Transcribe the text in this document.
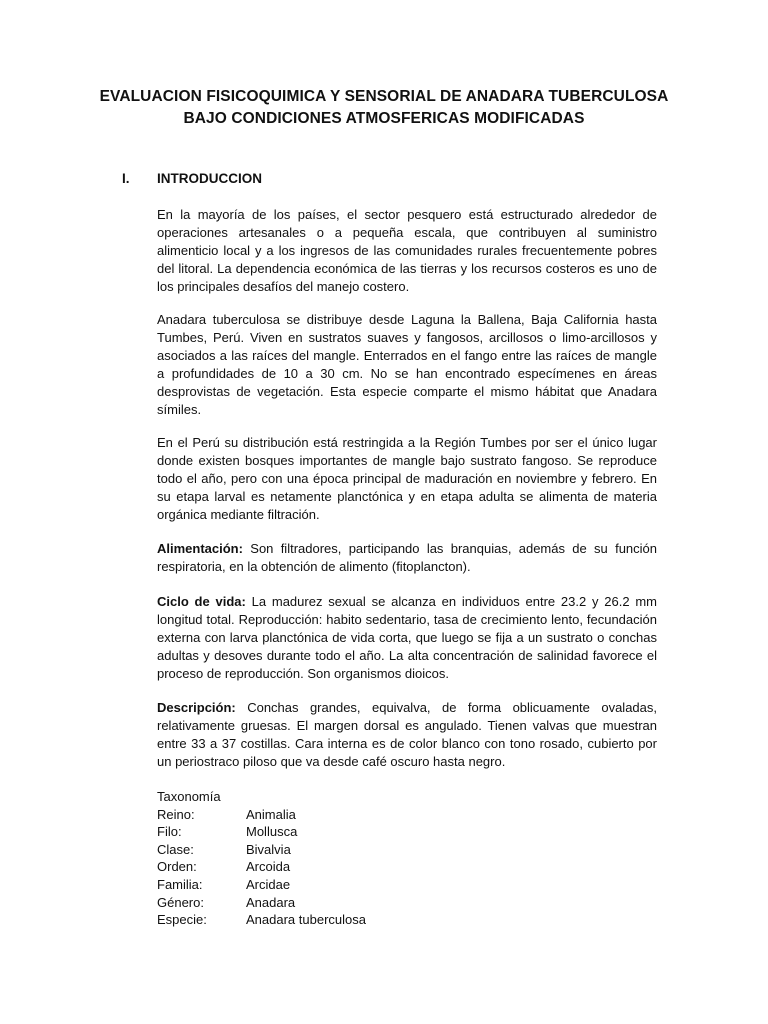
EVALUACION FISICOQUIMICA Y SENSORIAL DE ANADARA TUBERCULOSA
BAJO CONDICIONES ATMOSFERICAS MODIFICADAS
I. INTRODUCCION

En la mayoría de los países, el sector pesquero está estructurado alrededor de operaciones artesanales o a pequeña escala, que contribuyen al suministro alimenticio local y a los ingresos de las comunidades rurales frecuentemente pobres del litoral. La dependencia económica de las tierras y los recursos costeros es uno de los principales desafíos del manejo costero.

Anadara tuberculosa se distribuye desde Laguna la Ballena, Baja California hasta Tumbes, Perú. Viven en sustratos suaves y fangosos, arcillosos o limo-arcillosos y asociados a las raíces del mangle. Enterrados en el fango entre las raíces de mangle a profundidades de 10 a 30 cm. No se han encontrado especímenes en áreas desprovistas de vegetación. Esta especie comparte el mismo hábitat que Anadara símiles.

En el Perú su distribución está restringida a la Región Tumbes por ser el único lugar donde existen bosques importantes de mangle bajo sustrato fangoso. Se reproduce todo el año, pero con una época principal de maduración en noviembre y febrero. En su etapa larval es netamente planctónica y en etapa adulta se alimenta de materia orgánica mediante filtración.

Alimentación: Son filtradores, participando las branquias, además de su función respiratoria, en la obtención de alimento (fitoplancton).

Ciclo de vida: La madurez sexual se alcanza en individuos entre 23.2 y 26.2 mm longitud total. Reproducción: habito sedentario, tasa de crecimiento lento, fecundación externa con larva planctónica de vida corta, que luego se fija a un sustrato o conchas adultas y desoves durante todo el año. La alta concentración de salinidad favorece el proceso de reproducción. Son organismos dioicos.

Descripción: Conchas grandes, equivalva, de forma oblicuamente ovaladas, relativamente gruesas. El margen dorsal es angulado. Tienen valvas que muestran entre 33 a 37 costillas. Cara interna es de color blanco con tono rosado, cubierto por un periostraco piloso que va desde café oscuro hasta negro.

Taxonomía
Reino:	Animalia
Filo:	Mollusca
Clase:	Bivalvia
Orden:	Arcoida
Familia:	Arcidae
Género:	Anadara
Especie:	Anadara tuberculosa
